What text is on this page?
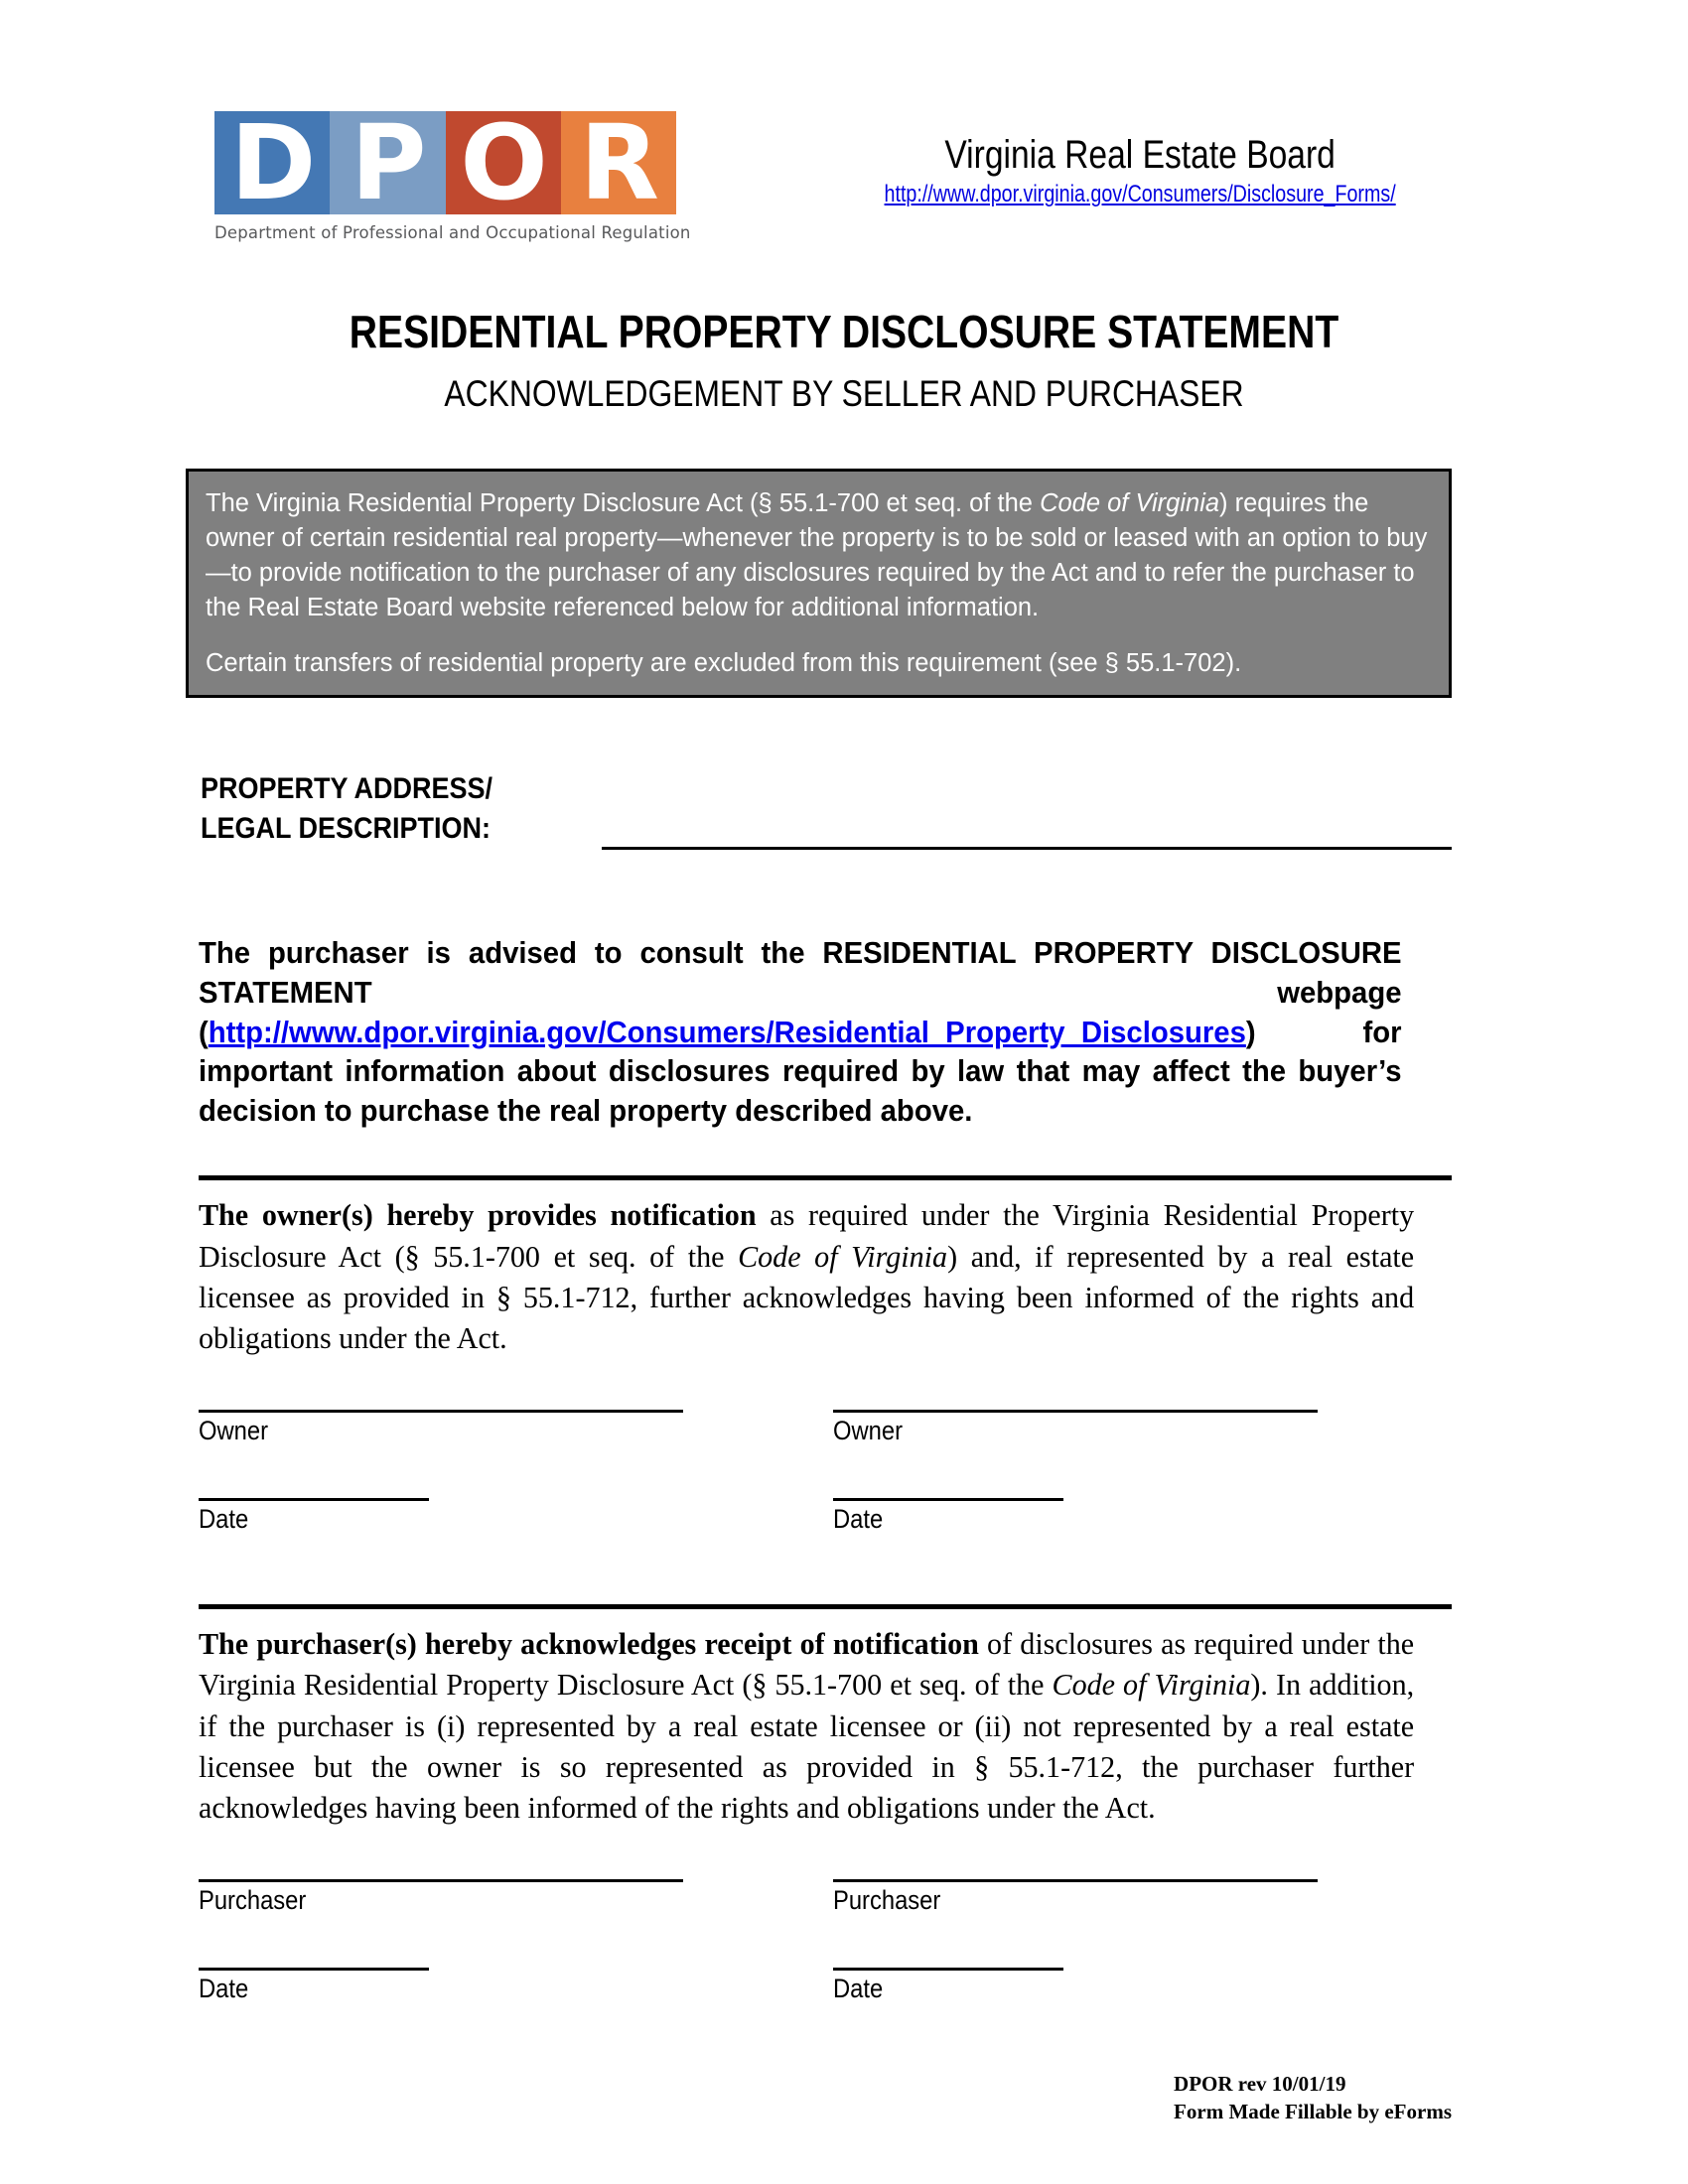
D P O R
Department of Professional and Occupational Regulation
Virginia Real Estate Board
http://www.dpor.virginia.gov/Consumers/Disclosure_Forms/
RESIDENTIAL PROPERTY DISCLOSURE STATEMENT
ACKNOWLEDGEMENT BY SELLER AND PURCHASER

The Virginia Residential Property Disclosure Act (§ 55.1-700 et seq. of the Code of Virginia) requires the owner of certain residential real property—whenever the property is to be sold or leased with an option to buy—to provide notification to the purchaser of any disclosures required by the Act and to refer the purchaser to the Real Estate Board website referenced below for additional information.

Certain transfers of residential property are excluded from this requirement (see § 55.1-702).

PROPERTY ADDRESS/
LEGAL DESCRIPTION:
The purchaser is advised to consult the RESIDENTIAL PROPERTY DISCLOSURE STATEMENT webpage (http://www.dpor.virginia.gov/Consumers/Residential_Property_Disclosures) for important information about disclosures required by law that may affect the buyer’s decision to purchase the real property described above.
The owner(s) hereby provides notification as required under the Virginia Residential Property Disclosure Act (§ 55.1-700 et seq. of the Code of Virginia) and, if represented by a real estate licensee as provided in § 55.1-712, further acknowledges having been informed of the rights and obligations under the Act.
Owner	Owner
Date	Date
The purchaser(s) hereby acknowledges receipt of notification of disclosures as required under the Virginia Residential Property Disclosure Act (§ 55.1-700 et seq. of the Code of Virginia). In addition, if the purchaser is (i) represented by a real estate licensee or (ii) not represented by a real estate licensee but the owner is so represented as provided in § 55.1-712, the purchaser further acknowledges having been informed of the rights and obligations under the Act.
Purchaser	Purchaser
Date	Date
DPOR rev 10/01/19
Form Made Fillable by eForms
